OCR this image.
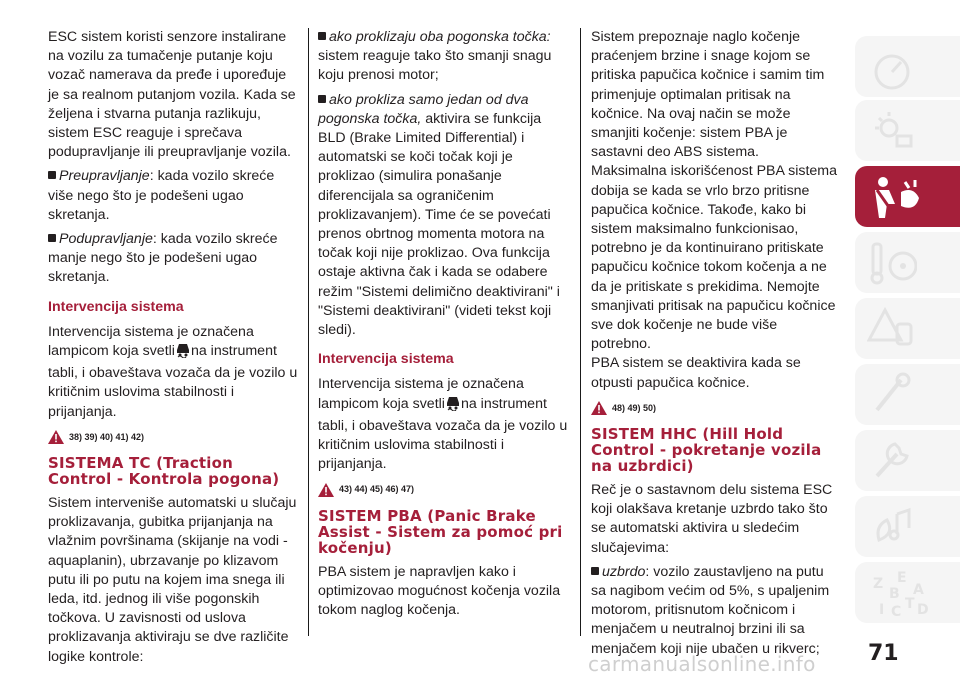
ESC sistem koristi senzore instalirane na vozilu za tumačenje putanje koju vozač namerava da pređe i upoređuje je sa realnom putanjom vozila. Kada se željena i stvarna putanja razlikuju, sistem ESC reaguje i sprečava podupravljanje ili preupravljanje vozila.

Preupravljanje: kada vozilo skreće više nego što je podešeni ugao skretanja.

Podupravljanje: kada vozilo skreće manje nego što je podešeni ugao skretanja.

Intervencija sistema

Intervencija sistema je označena lampicom koja svetli na instrument tabli, i obaveštava vozača da je vozilo u kritičnim uslovima stabilnosti i prijanjanja.

38) 39) 40) 41) 42)
SISTEMA TC (Traction Control - Kontrola pogona)

Sistem interveniše automatski u slučaju proklizavanja, gubitka prijanjanja na vlažnim površinama (skijanje na vodi - aquaplanin), ubrzavanje po klizavom putu ili po putu na kojem ima snega ili leda, itd. jednog ili više pogonskih točkova. U zavisnosti od uslova proklizavanja aktiviraju se dve različite logike kontrole:

ako proklizaju oba pogonska točka:
sistem reaguje tako što smanji snagu koju prenosi motor;

ako proklizа samo jedan od dva pogonska točka, aktivira se funkcija BLD (Brake Limited Differential) i automatski se koči točak koji je proklizao (simulira ponašanje diferencijala sa ograničenim proklizavanjem). Time će se povećati prenos obrtnog momenta motora na točak koji nije proklizao. Ova funkcija ostaje aktivna čak i kada se odabere režim "Sistemi delimično deaktivirani" i "Sistemi deaktivirani" (videti tekst koji sledi).

Intervencija sistema

Intervencija sistema je označena lampicom koja svetli na instrument tabli, i obaveštava vozača da je vozilo u kritičnim uslovima stabilnosti i prijanjanja.

43) 44) 45) 46) 47)
SISTEM PBA (Panic Brake Assist - Sistem za pomoć pri kočenju)

PBA sistem je napravljen kako i optimizovao mogućnost kočenja vozila tokom naglog kočenja.

Sistem prepoznaje naglo kočenje praćenjem brzine i snage kojom se pritiska papučica kočnice i samim tim primenjuje optimalan pritisak na kočnice. Na ovaj način se može smanjiti kočenje: sistem PBA je sastavni deo ABS sistema.
Maksimalna iskorišćenost PBA sistema dobija se kada se vrlo brzo pritisne papučica kočnice. Takođe, kako bi sistem maksimalno funkcionisao, potrebno je da kontinuirano pritiskate papučicu kočnice tokom kočenja a ne da je pritiskate s prekidima. Nemojte smanjivati pritisak na papučicu kočnice sve dok kočenje ne bude više potrebno.

PBA sistem se deaktivira kada se otpusti papučica kočnice.

48) 49) 50)
SISTEM HHC (Hill Hold Control - pokretanje vozila na uzbrdici)

Reč je o sastavnom delu sistema ESC koji olakšava kretanje uzbrdo tako što se automatski aktivira u sledećim slučajevima:

uzbrdo: vozilo zaustavljeno na putu sa nagibom većim od 5%, s upaljenim motorom, pritisnutom kočnicom i menjačem u neutralnoj brzini ili sa menjačem koji nije ubačen u rikverc;

Z E
B
I C T D
A
71
carmanualsonline.info
